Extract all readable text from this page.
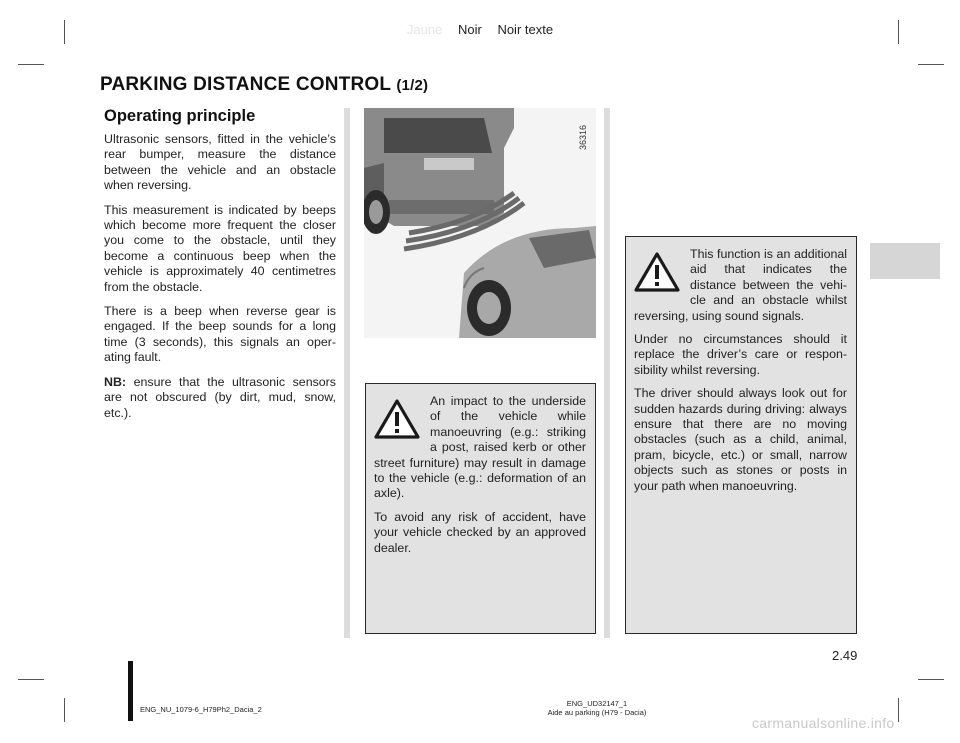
Jaune Noir Noir texte
PARKING DISTANCE CONTROL (1/2)
Operating principle

Ultrasonic sensors, fitted in the vehicle’s rear bumper, measure the distance between the vehicle and an obstacle when reversing.

This measurement is indicated by beeps which become more frequent the closer you come to the obstacle, until they become a continuous beep when the vehicle is approximately 40 centimetres from the obstacle.

There is a beep when reverse gear is engaged. If the beep sounds for a long time (3 seconds), this signals an operating fault.

NB: ensure that the ultrasonic sensors are not obscured (by dirt, mud, snow, etc.).

36316

An impact to the underside of the vehicle while manoeuvring (e.g.: striking a post, raised kerb or other street furniture) may result in damage to the vehicle (e.g.: deformation of an axle).

To avoid any risk of accident, have your vehicle checked by an approved dealer.

This function is an additional aid that indicates the distance between the vehicle and an obstacle whilst reversing, using sound signals.

Under no circumstances should it replace the driver’s care or responsibility whilst reversing.

The driver should always look out for sudden hazards during driving: always ensure that there are no moving obstacles (such as a child, animal, pram, bicycle, etc.) or small, narrow objects such as stones or posts in your path when manoeuvring.

2.49
ENG_NU_1079-6_H79Ph2_Dacia_2
ENG_UD32147_1
Aide au parking (H79 - Dacia)
carmanualsonline.info
